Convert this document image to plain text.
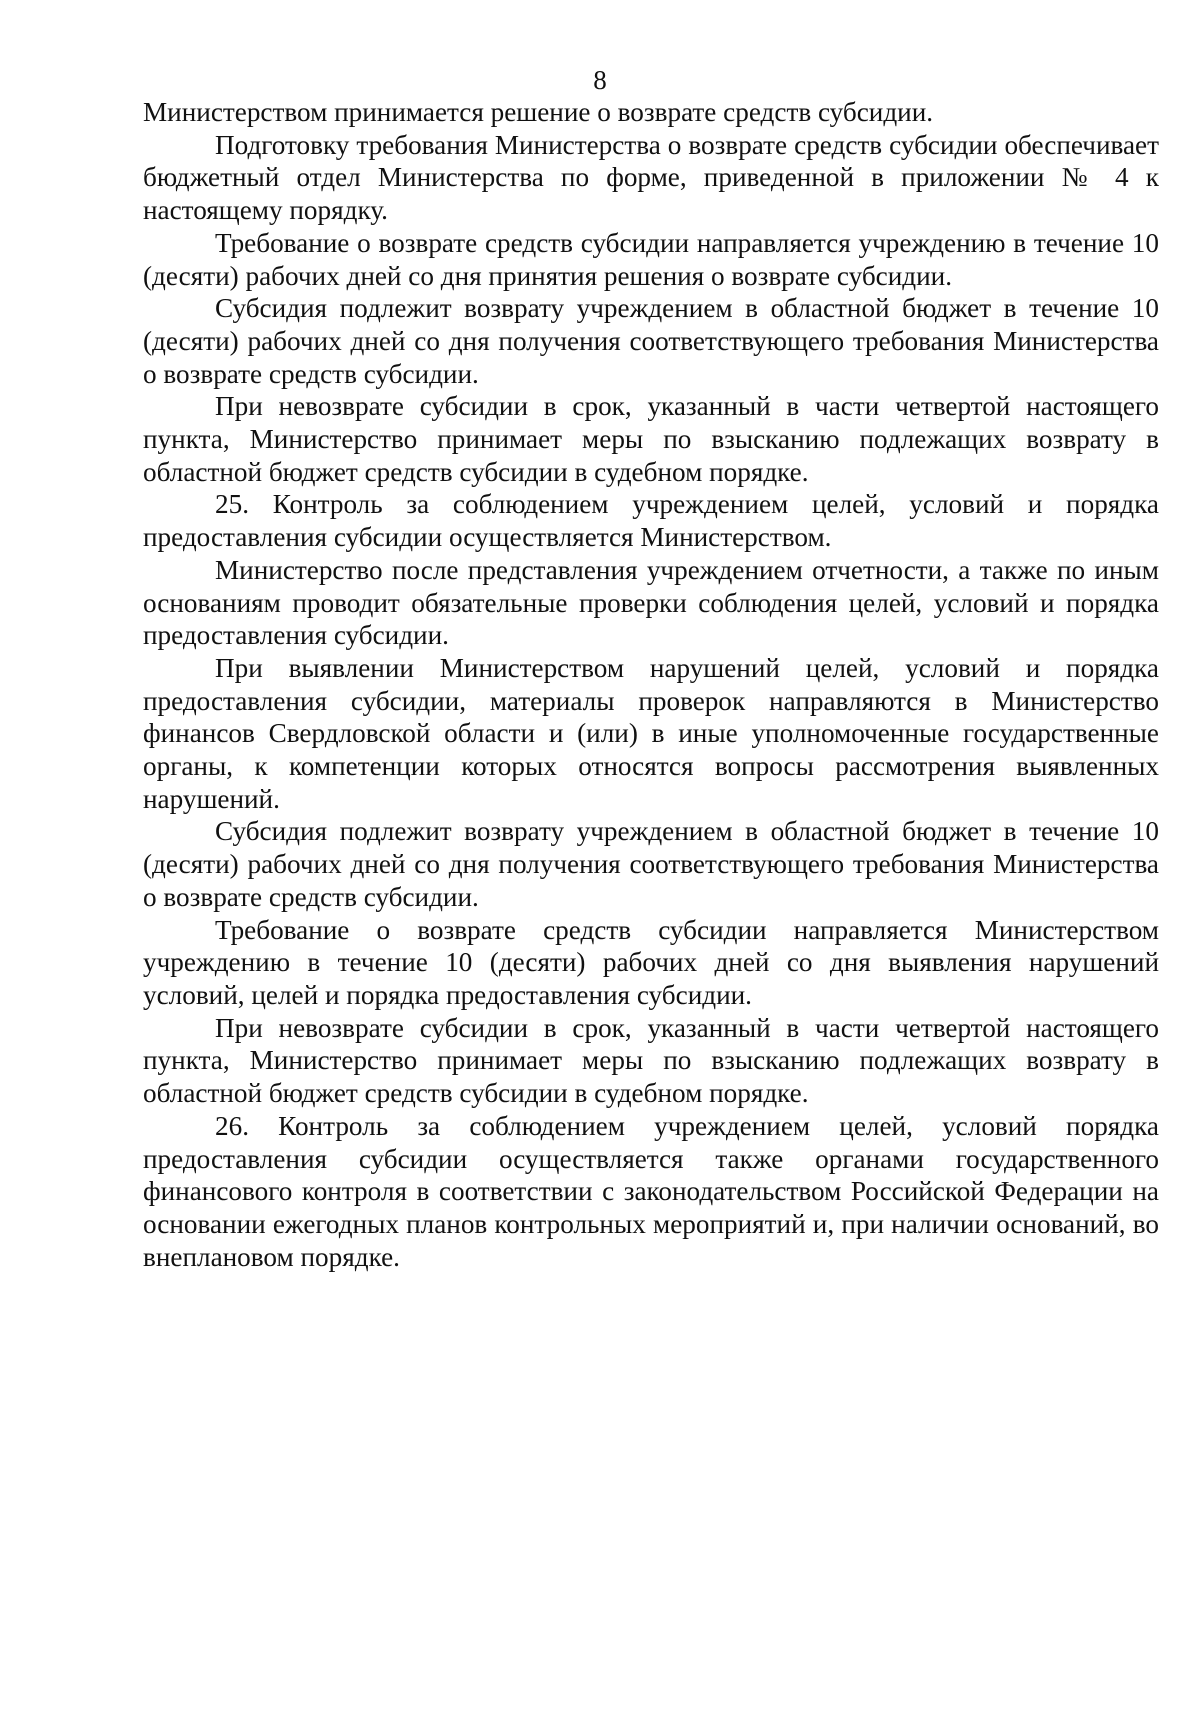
8

Министерством принимается решение о возврате средств субсидии.

Подготовку требования Министерства о возврате средств субсидии обеспечивает бюджетный отдел Министерства по форме, приведенной в приложении № 4 к настоящему порядку.

Требование о возврате средств субсидии направляется учреждению в течение 10 (десяти) рабочих дней со дня принятия решения о возврате субсидии.

Субсидия подлежит возврату учреждением в областной бюджет в течение 10 (десяти) рабочих дней со дня получения соответствующего требования Министерства о возврате средств субсидии.

При невозврате субсидии в срок, указанный в части четвертой настоящего пункта, Министерство принимает меры по взысканию подлежащих возврату в областной бюджет средств субсидии в судебном порядке.

25. Контроль за соблюдением учреждением целей, условий и порядка предоставления субсидии осуществляется Министерством.

Министерство после представления учреждением отчетности, а также по иным основаниям проводит обязательные проверки соблюдения целей, условий и порядка предоставления субсидии.

При выявлении Министерством нарушений целей, условий и порядка предоставления субсидии, материалы проверок направляются в Министерство финансов Свердловской области и (или) в иные уполномоченные государственные органы, к компетенции которых относятся вопросы рассмотрения выявленных нарушений.

Субсидия подлежит возврату учреждением в областной бюджет в течение 10 (десяти) рабочих дней со дня получения соответствующего требования Министерства о возврате средств субсидии.

Требование о возврате средств субсидии направляется Министерством учреждению в течение 10 (десяти) рабочих дней со дня выявления нарушений условий, целей и порядка предоставления субсидии.

При невозврате субсидии в срок, указанный в части четвертой настоящего пункта, Министерство принимает меры по взысканию подлежащих возврату в областной бюджет средств субсидии в судебном порядке.

26. Контроль за соблюдением учреждением целей, условий порядка предоставления субсидии осуществляется также органами государственного финансового контроля в соответствии с законодательством Российской Федерации на основании ежегодных планов контрольных мероприятий и, при наличии оснований, во внеплановом порядке.
